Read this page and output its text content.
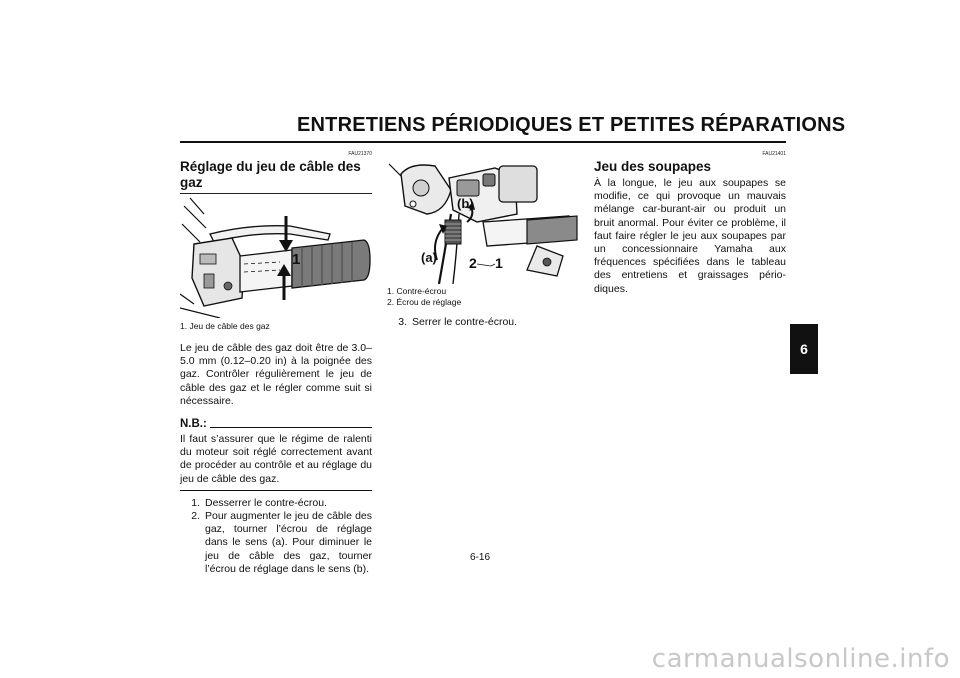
ENTRETIENS PÉRIODIQUES ET PETITES RÉPARATIONS
FAU21370
Réglage du jeu de câble des gaz
1
1. Jeu de câble des gaz
Le jeu de câble des gaz doit être de 3.0–5.0 mm (0.12–0.20 in) à la poignée des gaz. Contrôler régulièrement le jeu de câble des gaz et le régler comme suit si nécessaire.
N.B.:
Il faut s’assurer que le régime de ralenti du moteur soit réglé correctement avant de procéder au contrôle et au réglage du jeu de câble des gaz.
1. Desserrer le contre-écrou.
2. Pour augmenter le jeu de câble des gaz, tourner l’écrou de réglage dans le sens (a). Pour diminuer le jeu de câble des gaz, tourner l’écrou de réglage dans le sens (b).
(b)
(a) 2 1
1. Contre-écrou
2. Écrou de réglage
3. Serrer le contre-écrou.
FAU21401
Jeu des soupapes
À la longue, le jeu aux soupapes se modifie, ce qui provoque un mauvais mélange car-burant-air ou produit un bruit anormal. Pour éviter ce problème, il faut faire régler le jeu aux soupapes par un concessionnaire Yamaha aux fréquences spécifiées dans le tableau des entretiens et graissages pério-diques.
6
6-16
carmanualsonline.info
